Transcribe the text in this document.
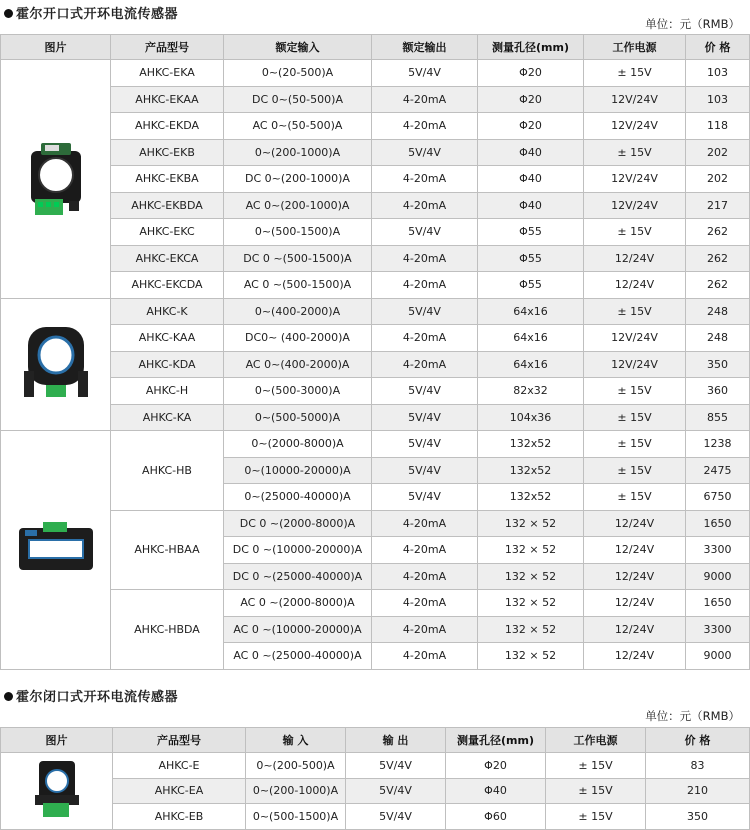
霍尔开口式开环电流传感器
单位：元（RMB）
图片	产品型号	额定输入	额定输出	测量孔径(mm)	工作电源	价 格
	AHKC-EKA	0~(20-500)A	5V/4V	Φ20	± 15V	103
	AHKC-EKAA	DC 0~(50-500)A	4-20mA	Φ20	12V/24V	103
	AHKC-EKDA	AC 0~(50-500)A	4-20mA	Φ20	12V/24V	118
	AHKC-EKB	0~(200-1000)A	5V/4V	Φ40	± 15V	202
	AHKC-EKBA	DC 0~(200-1000)A	4-20mA	Φ40	12V/24V	202
	AHKC-EKBDA	AC 0~(200-1000)A	4-20mA	Φ40	12V/24V	217
	AHKC-EKC	0~(500-1500)A	5V/4V	Φ55	± 15V	262
	AHKC-EKCA	DC 0 ~(500-1500)A	4-20mA	Φ55	12/24V	262
	AHKC-EKCDA	AC 0 ~(500-1500)A	4-20mA	Φ55	12/24V	262
	AHKC-K	0~(400-2000)A	5V/4V	64x16	± 15V	248
	AHKC-KAA	DC0~ (400-2000)A	4-20mA	64x16	12V/24V	248
	AHKC-KDA	AC 0~(400-2000)A	4-20mA	64x16	12V/24V	350
	AHKC-H	0~(500-3000)A	5V/4V	82x32	± 15V	360
	AHKC-KA	0~(500-5000)A	5V/4V	104x36	± 15V	855
	AHKC-HB	0~(2000-8000)A	5V/4V	132x52	± 15V	1238
		0~(10000-20000)A	5V/4V	132x52	± 15V	2475
		0~(25000-40000)A	5V/4V	132x52	± 15V	6750
	AHKC-HBAA	DC 0 ~(2000-8000)A	4-20mA	132 × 52	12/24V	1650
		DC 0 ~(10000-20000)A	4-20mA	132 × 52	12/24V	3300
		DC 0 ~(25000-40000)A	4-20mA	132 × 52	12/24V	9000
	AHKC-HBDA	AC 0 ~(2000-8000)A	4-20mA	132 × 52	12/24V	1650
		AC 0 ~(10000-20000)A	4-20mA	132 × 52	12/24V	3300
		AC 0 ~(25000-40000)A	4-20mA	132 × 52	12/24V	9000
霍尔闭口式开环电流传感器
单位：元（RMB）
图片	产品型号	输 入	输 出	测量孔径(mm)	工作电源	价 格
	AHKC-E	0~(200-500)A	5V/4V	Φ20	± 15V	83
	AHKC-EA	0~(200-1000)A	5V/4V	Φ40	± 15V	210
	AHKC-EB	0~(500-1500)A	5V/4V	Φ60	± 15V	350
